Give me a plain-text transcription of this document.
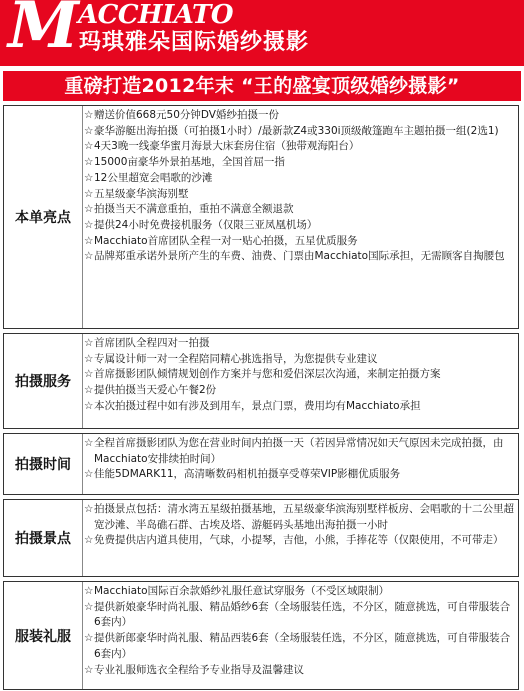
M ACCHIATO
玛琪雅朵国际婚纱摄影
重磅打造2012年末 “王的盛宴顶级婚纱摄影”
本单亮点

☆赠送价值668元50分钟DV婚纱拍摄一份

☆豪华游艇出海拍摄（可拍摄1小时）/最新款Z4或330i顶级敞篷跑车主题拍摄一组(2选1)

☆4天3晚一线豪华蜜月海景大床套房住宿（独带观海阳台）

☆15000亩豪华外景拍基地，全国首屈一指

☆12公里超宽会唱歌的沙滩

☆五星级豪华滨海别墅

☆拍摄当天不满意重拍，重拍不满意全额退款

☆提供24小时免费接机服务（仅限三亚凤凰机场）

☆Macchiato首席团队全程一对一贴心拍摄，五星优质服务

☆品牌郑重承诺外景所产生的车费、油费、门票由Macchiato国际承担，无需顾客自掏腰包

拍摄服务

☆首席团队全程四对一拍摄

☆专属设计师一对一全程陪同精心挑选指导，为您提供专业建议

☆首席摄影团队倾情规划创作方案并与您和爱侣深层次沟通，来制定拍摄方案

☆提供拍摄当天爱心午餐2份

☆本次拍摄过程中如有涉及到用车，景点门票，费用均有Macchiato承担

拍摄时间

☆全程首席摄影团队为您在营业时间内拍摄一天（若因异常情况如天气原因未完成拍摄，由Macchiato安排续拍时间）

☆佳能5DMARK11，高清晰数码相机拍摄享受尊荣VIP影棚优质服务

拍摄景点

☆拍摄景点包括：清水湾五星级拍摄基地，五星级豪华滨海别墅样板房、会唱歌的十二公里超宽沙滩、半岛礁石群、古埃及塔、游艇码头基地出海拍摄一小时

☆免费提供店内道具使用，气球，小提琴，吉他，小熊，手捧花等（仅限使用，不可带走）

服装礼服

☆Macchiato国际百余款婚纱礼服任意试穿服务（不受区域限制）

☆提供新娘豪华时尚礼服、精品婚纱6套（全场服装任选，不分区，随意挑选，可自带服装合6套内）

☆提供新郎豪华时尚礼服、精品西装6套（全场服装任选，不分区，随意挑选，可自带服装合6套内）

☆专业礼服师选衣全程给予专业指导及温馨建议
